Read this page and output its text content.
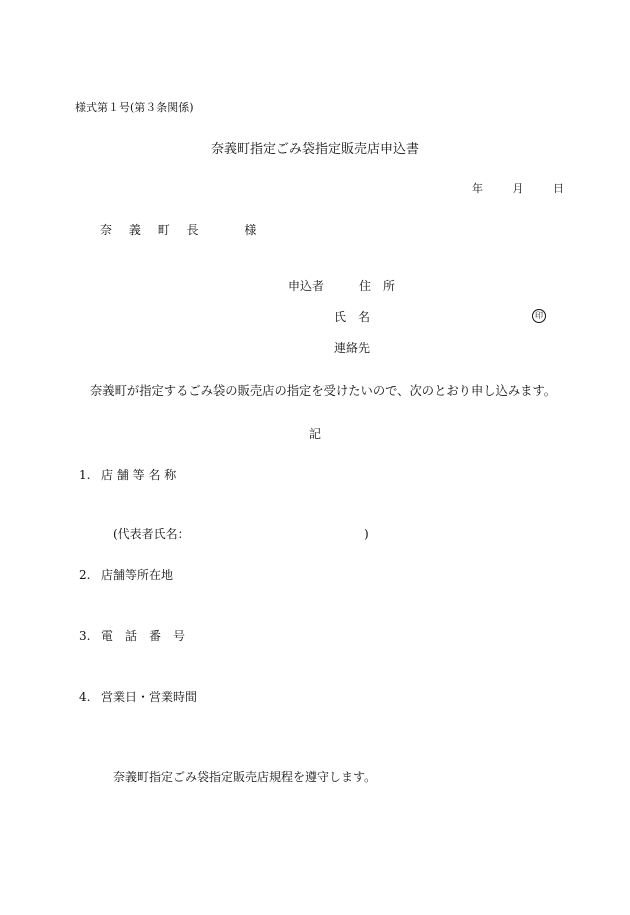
様式第１号(第３条関係)
奈義町指定ごみ袋指定販売店申込書
年	月	日
奈 義 町 長	様
申込者	住　所
氏　名	印
連絡先
奈義町が指定するごみ袋の販売店の指定を受けたいので、次のとおり申し込みます。
記
1. 店 舗 等 名 称
(代表者氏名：	)
2. 店舗等所在地
3. 電　話　番　号
4. 営業日・営業時間
奈義町指定ごみ袋指定販売店規程を遵守します。
